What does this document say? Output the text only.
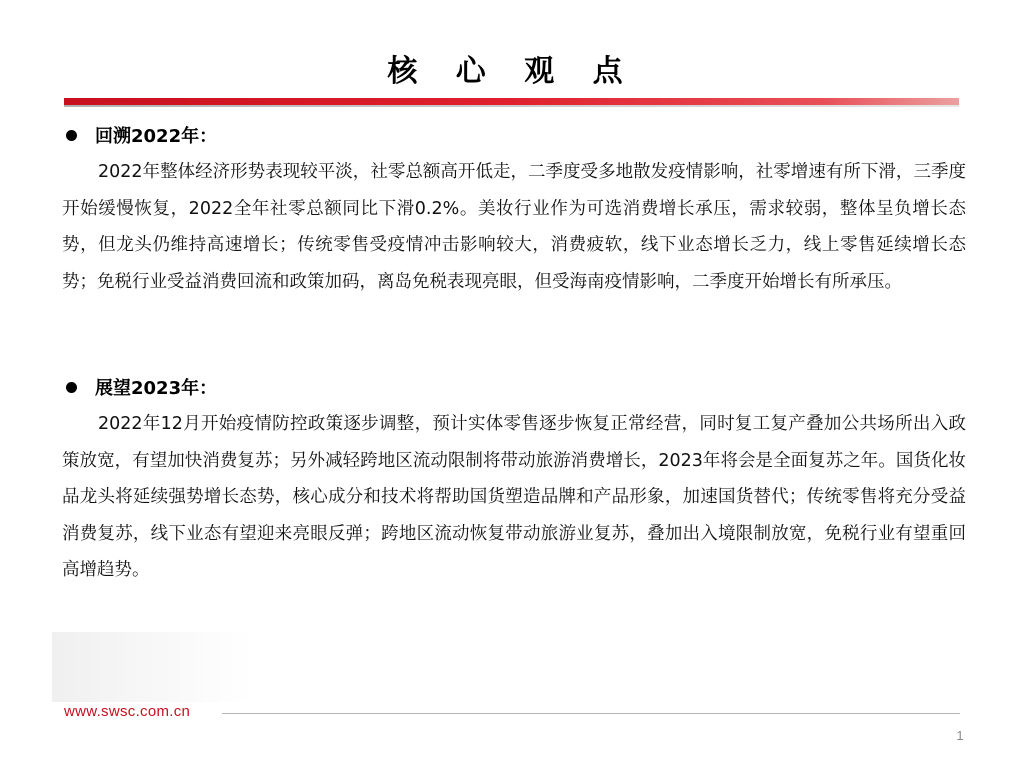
核 心 观 点
回溯2022年：

2022年整体经济形势表现较平淡，社零总额高开低走，二季度受多地散发疫情影响，社零增速有所下滑，三季度开始缓慢恢复，2022全年社零总额同比下滑0.2%。美妆行业作为可选消费增长承压，需求较弱，整体呈负增长态势，但龙头仍维持高速增长；传统零售受疫情冲击影响较大，消费疲软，线下业态增长乏力，线上零售延续增长态势；免税行业受益消费回流和政策加码，离岛免税表现亮眼，但受海南疫情影响，二季度开始增长有所承压。

展望2023年：

2022年12月开始疫情防控政策逐步调整，预计实体零售逐步恢复正常经营，同时复工复产叠加公共场所出入政策放宽，有望加快消费复苏；另外减轻跨地区流动限制将带动旅游消费增长，2023年将会是全面复苏之年。国货化妆品龙头将延续强势增长态势，核心成分和技术将帮助国货塑造品牌和产品形象，加速国货替代；传统零售将充分受益消费复苏，线下业态有望迎来亮眼反弹；跨地区流动恢复带动旅游业复苏，叠加出入境限制放宽，免税行业有望重回高增趋势。

www.swsc.com.cn
1
